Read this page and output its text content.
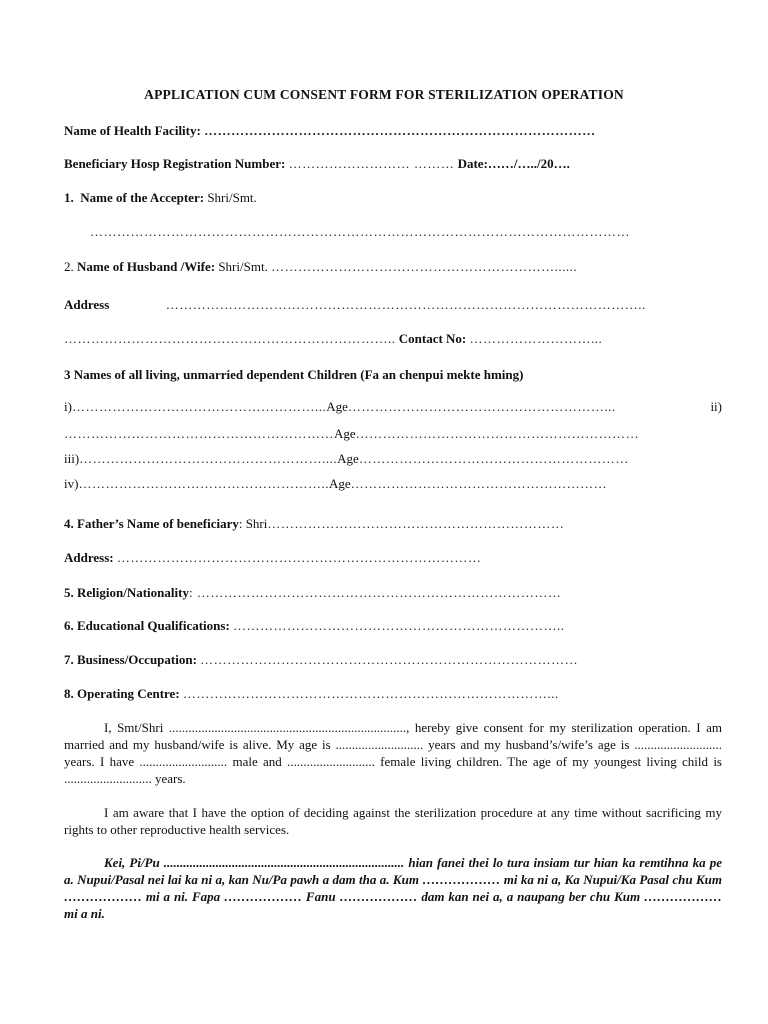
APPLICATION CUM CONSENT FORM FOR STERILIZATION OPERATION
Name of Health Facility: ……………………………………………………………………………
Beneficiary Hosp Registration Number: ……………………… ……… Date:……/…../20….
1. Name of the Accepter: Shri/Smt.
…………………………………………………………………………………………………………
2. Name of Husband /Wife: Shri/Smt. ………………………………………………………......
Address	……………………………………………………………………………………………..
……………………………………………………………….. Contact No: ………………………...
3 Names of all living, unmarried dependent Children (Fa an chenpui mekte hming)
i)………………………………………………...Age…………………………………………………...	ii)
……………………………………………………Age………………………………………………………
iii)………………………………………………....Age……………………………………………………
iv)………………………………………………..Age…………………………………………………
4. Father’s Name of beneficiary: Shri…………………………………………………………
Address: ………………………………………………………………………
5. Religion/Nationality: ………………………………………………………………………
6. Educational Qualifications: ………………………………………………………………..
7. Business/Occupation: …………………………………………………………………………
8. Operating Centre: ………………………………………………………………………...
I, Smt/Shri ........................................................................., hereby give consent for my sterilization operation. I am married and my husband/wife is alive. My age is ........................... years and my husband’s/wife’s age is ........................... years. I have ........................... male and ........................... female living children. The age of my youngest living child is ........................... years.
I am aware that I have the option of deciding against the sterilization procedure at any time without sacrificing my rights to other reproductive health services.
Kei, Pi/Pu .......................................................................... hian fanei thei lo tura insiam tur hian ka remtihna ka pe a. Nupui/Pasal nei lai ka ni a, kan Nu/Pa pawh a dam tha a. Kum ……………… mi ka ni a, Ka Nupui/Ka Pasal chu Kum ……………… mi a ni. Fapa ……………… Fanu ……………… dam kan nei a, a naupang ber chu Kum ……………… mi a ni.
